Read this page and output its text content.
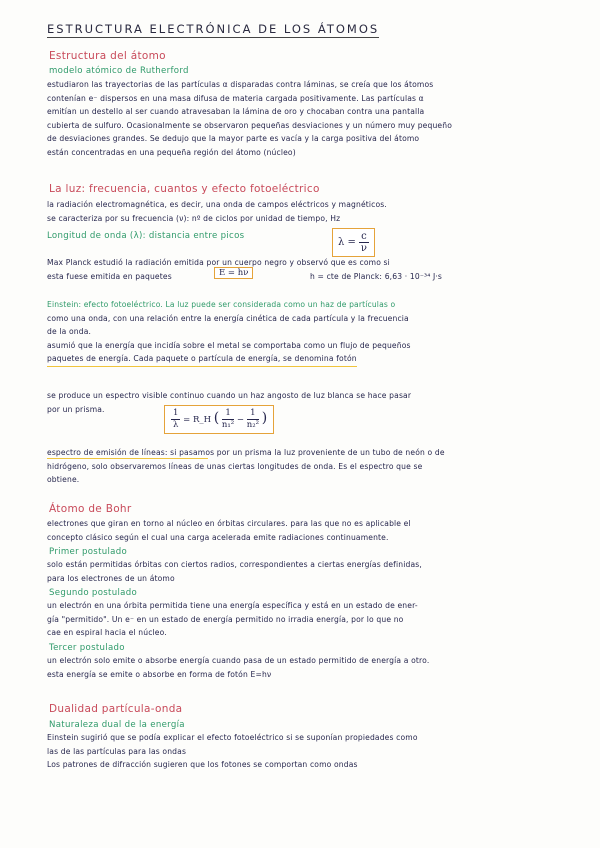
ESTRUCTURA ELECTRÓNICA DE LOS ÁTOMOS
Estructura del átomo
modelo atómico de Rutherford
estudiaron las trayectorias de las partículas α disparadas contra láminas, se creía que los átomos
contenían e⁻ dispersos en una masa difusa de materia cargada positivamente. Las partículas α
emitían un destello al ser cuando atravesaban la lámina de oro y chocaban contra una pantalla
cubierta de sulfuro. Ocasionalmente se observaron pequeñas desviaciones y un número muy pequeño
de desviaciones grandes. Se dedujo que la mayor parte es vacía y la carga positiva del átomo
están concentradas en una pequeña región del átomo (núcleo)
La luz: frecuencia, cuantos y efecto fotoeléctrico
la radiación electromagnética, es decir, una onda de campos eléctricos y magnéticos.
se caracteriza por su frecuencia (ν): nº de ciclos por unidad de tiempo, Hz
Longitud de onda (λ): distancia entre picos
$\lambda = \frac{c}{\nu}$
Max Planck estudió la radiación emitida por un cuerpo negro y observó que es como si
esta fuese emitida en paquetes	E = hν	h = cte de Planck: 6,63 · 10⁻³⁴ J·s
Einstein: efecto fotoeléctrico. La luz puede ser considerada como un haz de partículas o
como una onda, con una relación entre la energía cinética de cada partícula y la frecuencia
de la onda.
asumió que la energía que incidía sobre el metal se comportaba como un flujo de pequeños
paquetes de energía. Cada paquete o partícula de energía, se denomina fotón
se produce un espectro visible continuo cuando un haz angosto de luz blanca se hace pasar
por un prisma.	$\frac{1}{\lambda}$ = R_H ( $\frac{1}{\text{n₁²}} - \frac{1}{\text{n₂²}}$ )
espectro de emisión de líneas: si pasamos por un prisma la luz proveniente de un tubo de neón o de
hidrógeno, solo observaremos líneas de unas ciertas longitudes de onda. Es el espectro que se
obtiene.
Átomo de Bohr
electrones que giran en torno al núcleo en órbitas circulares. para las que no es aplicable el
concepto clásico según el cual una carga acelerada emite radiaciones continuamente.
Primer postulado
solo están permitidas órbitas con ciertos radios, correspondientes a ciertas energías definidas,
para los electrones de un átomo
Segundo postulado
un electrón en una órbita permitida tiene una energía específica y está en un estado de ener-
gía "permitido". Un e⁻ en un estado de energía permitido no irradia energía, por lo que no
cae en espiral hacia el núcleo.
Tercer postulado
un electrón solo emite o absorbe energía cuando pasa de un estado permitido de energía a otro.
esta energía se emite o absorbe en forma de fotón E=hν
Dualidad partícula-onda
Naturaleza dual de la energía
Einstein sugirió que se podía explicar el efecto fotoeléctrico si se suponían propiedades como
las de las partículas para las ondas
Los patrones de difracción sugieren que los fotones se comportan como ondas
